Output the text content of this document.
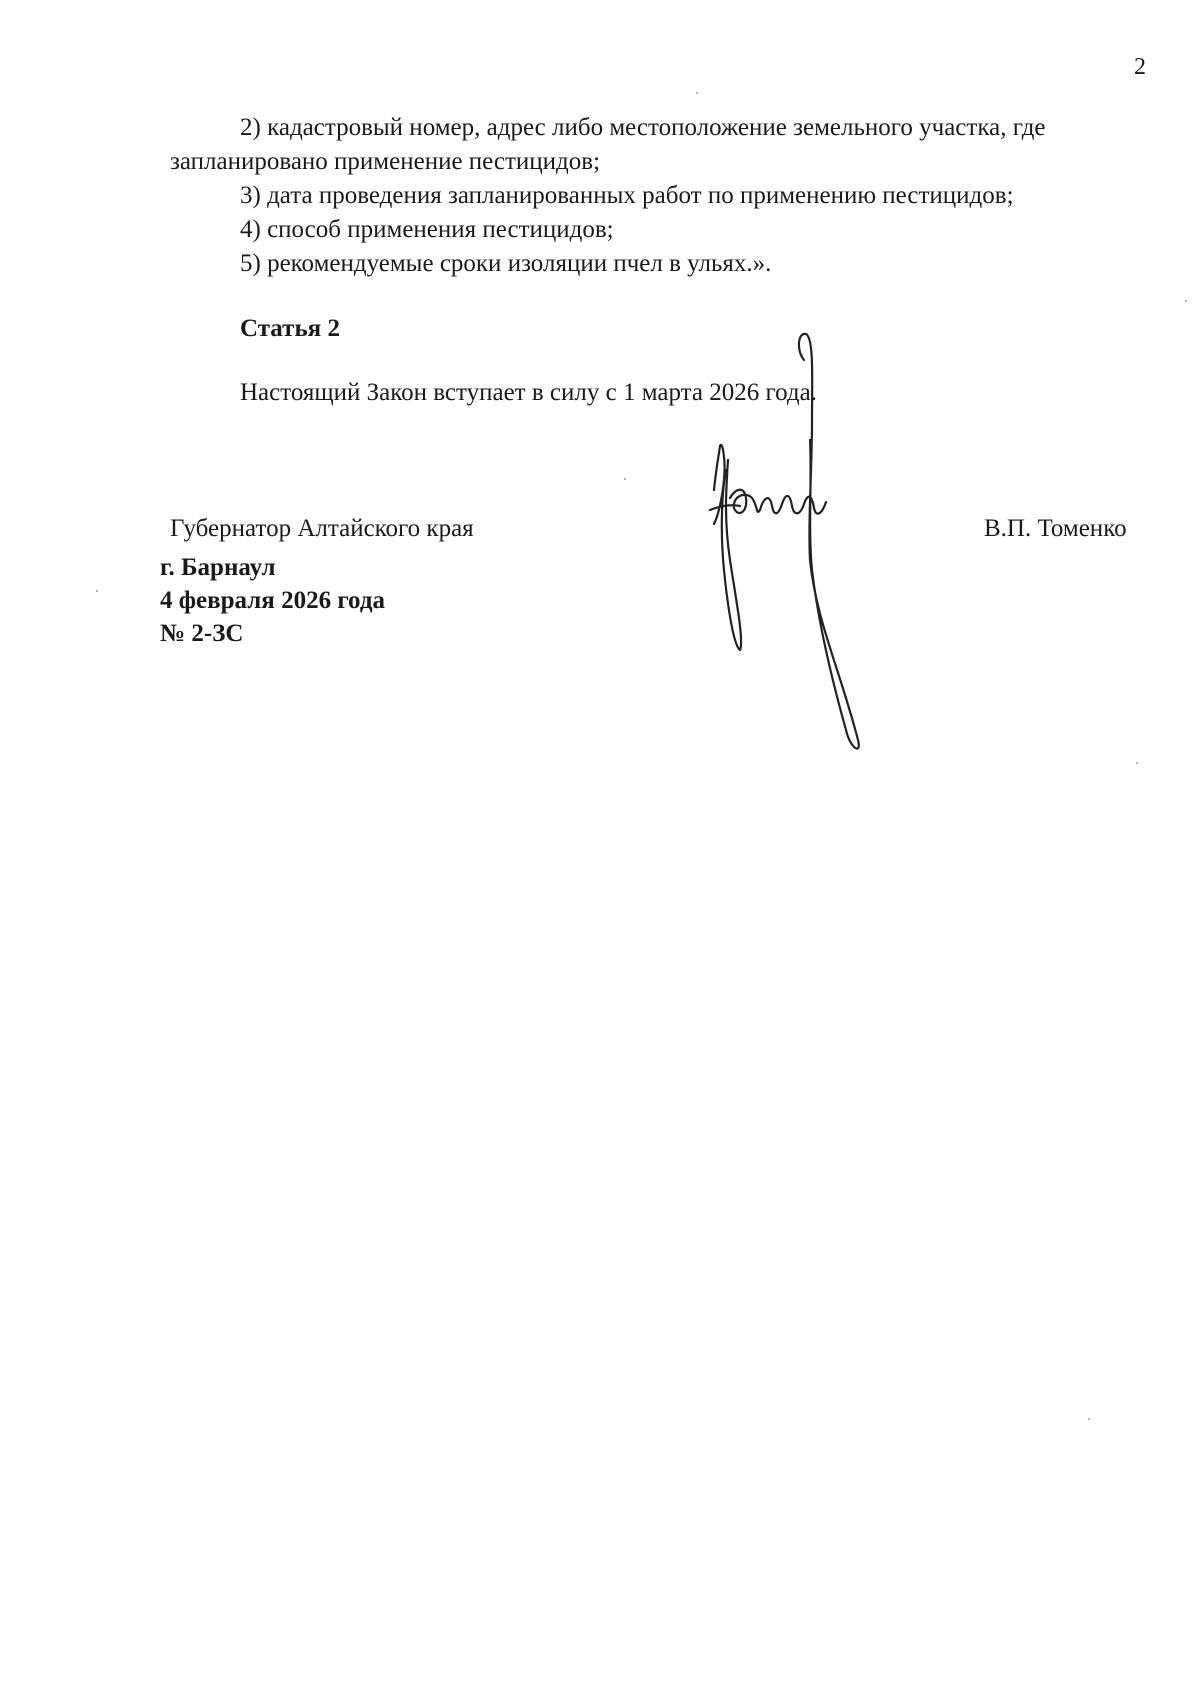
2
2) кадастровый номер, адрес либо местоположение земельного участка, где
запланировано применение пестицидов;
3) дата проведения запланированных работ по применению пестицидов;
4) способ применения пестицидов;
5) рекомендуемые сроки изоляции пчел в ульях.».
Статья 2
Настоящий Закон вступает в силу с 1 марта 2026 года.
Губернатор Алтайского края	В.П. Томенко
г. Барнаул
4 февраля 2026 года
№ 2-ЗС
